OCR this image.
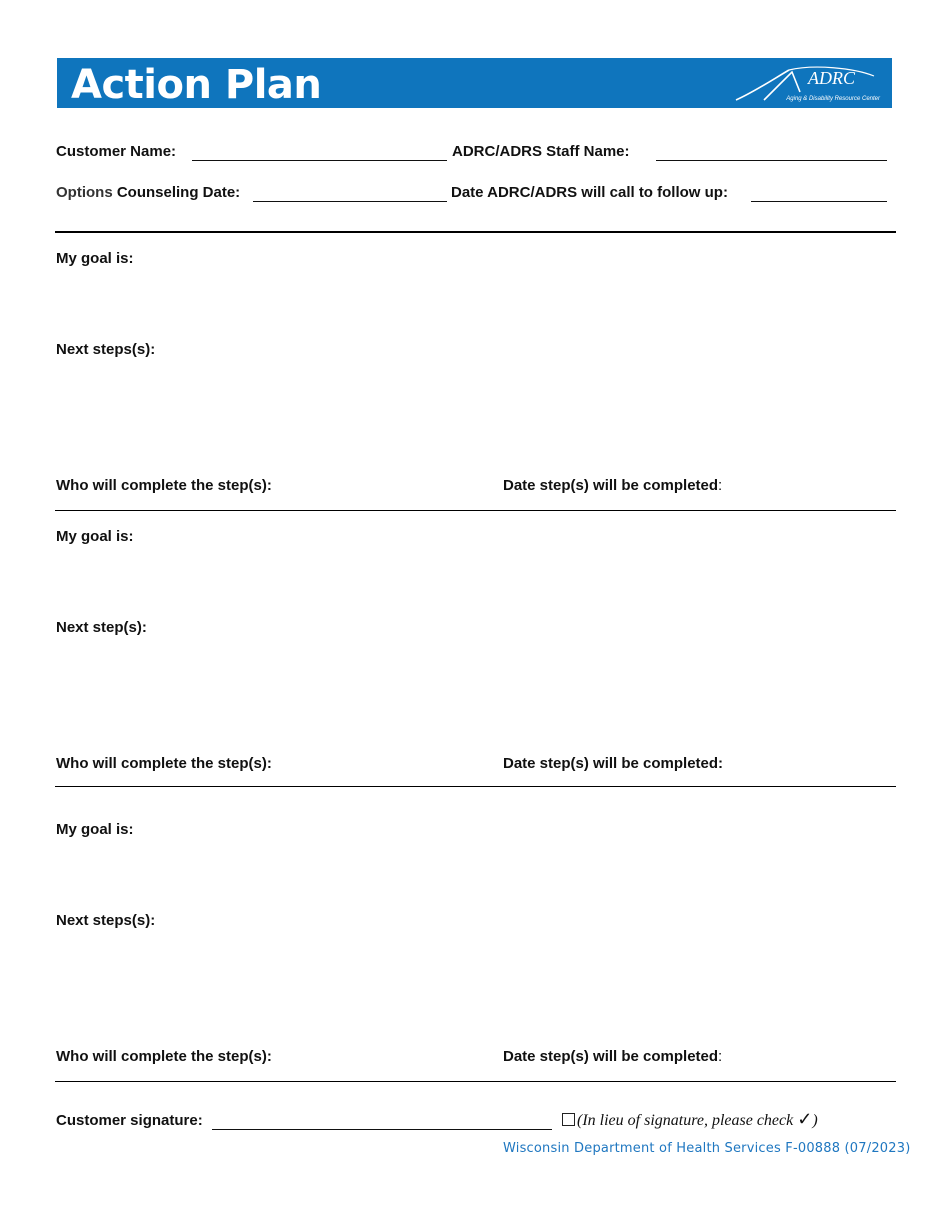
Action Plan	ADRC
Aging & Disability Resource Center
Customer Name:	ADRC/ADRS Staff Name:
Options Counseling Date:	Date ADRC/ADRS will call to follow up:
My goal is:
Next steps(s):
Who will complete the step(s):	Date step(s) will be completed:
My goal is:
Next step(s):
Who will complete the step(s):	Date step(s) will be completed:
My goal is:
Next steps(s):
Who will complete the step(s):	Date step(s) will be completed:
Customer signature:	(In lieu of signature, please check ✓)
Wisconsin Department of Health Services F-00888 (07/2023)
